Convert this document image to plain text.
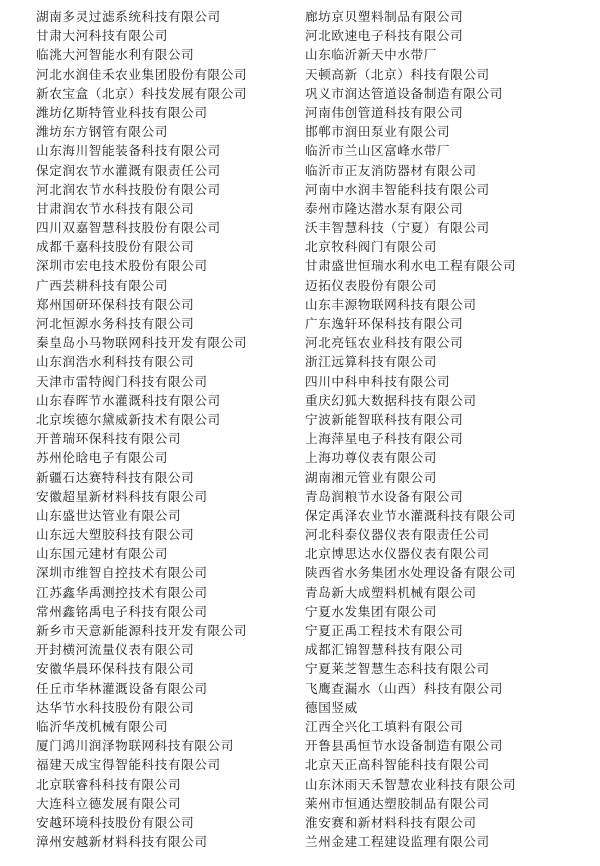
湖南多灵过滤系统科技有限公司
甘肃大河科技有限公司
临洮大河智能水利有限公司
河北水润佳禾农业集团股份有限公司
新农宝盒（北京）科技发展有限公司
潍坊亿斯特管业科技有限公司
潍坊东方钢管有限公司
山东海川智能装备科技有限公司
保定润农节水灌溉有限责任公司
河北润农节水科技股份有限公司
甘肃润农节水科技有限公司
四川双嘉智慧科技股份有限公司
成都千嘉科技股份有限公司
深圳市宏电技术股份有限公司
广西芸耕科技有限公司
郑州国研环保科技有限公司
河北恒源水务科技有限公司
秦皇岛小马物联网科技开发有限公司
山东润浩水利科技有限公司
天津市雷特阀门科技有限公司
山东春晖节水灌溉科技有限公司
北京埃德尔黛威新技术有限公司
开普瑞环保科技有限公司
苏州伦晗电子有限公司
新疆石达赛特科技有限公司
安徽超星新材料科技有限公司
山东盛世达管业有限公司
山东远大塑胶科技有限公司
山东国元建材有限公司
深圳市维智自控技术有限公司
江苏鑫华禹测控技术有限公司
常州鑫铭禹电子科技有限公司
新乡市天意新能源科技开发有限公司
开封横河流量仪表有限公司
安徽华晨环保科技有限公司
任丘市华林灌溉设备有限公司
达华节水科技股份有限公司
临沂华茂机械有限公司
厦门鸿川润泽物联网科技有限公司
福建天成宝得智能科技有限公司
北京联睿科科技有限公司
大连科立德发展有限公司
安越环境科技股份有限公司
漳州安越新材料科技有限公司
廊坊京贝塑料制品有限公司
河北欧速电子科技有限公司
山东临沂新天中水带厂
天顿高新（北京）科技有限公司
巩义市润达管道设备制造有限公司
河南伟创管道科技有限公司
邯郸市润田泵业有限公司
临沂市兰山区富峰水带厂
临沂市正友消防器材有限公司
河南中水润丰智能科技有限公司
泰州市隆达潜水泵有限公司
沃丰智慧科技（宁夏）有限公司
北京牧科阀门有限公司
甘肃盛世恒瑞水利水电工程有限公司
迈拓仪表股份有限公司
山东丰源物联网科技有限公司
广东逸轩环保科技有限公司
河北亮钰农业科技有限公司
浙江远算科技有限公司
四川中科申科技有限公司
重庆幻狐大数据科技有限公司
宁波新能智联科技有限公司
上海萍星电子科技有限公司
上海功尊仪表有限公司
湖南湘元管业有限公司
青岛润粮节水设备有限公司
保定禹泽农业节水灌溉科技有限公司
河北科泰仪器仪表有限责任公司
北京博思达水仪器仪表有限公司
陕西省水务集团水处理设备有限公司
青岛新大成塑料机械有限公司
宁夏水发集团有限公司
宁夏正禹工程技术有限公司
成都汇锦智慧科技有限公司
宁夏莱芝智慧生态科技有限公司
飞鹰查漏水（山西）科技有限公司
德国竖威
江西全兴化工填料有限公司
开鲁县禹恒节水设备制造有限公司
北京天正高科智能科技有限公司
山东沐雨天禾智慧农业科技有限公司
莱州市恒通达塑胶制品有限公司
淮安赛和新材料科技有限公司
兰州金建工程建设监理有限公司
